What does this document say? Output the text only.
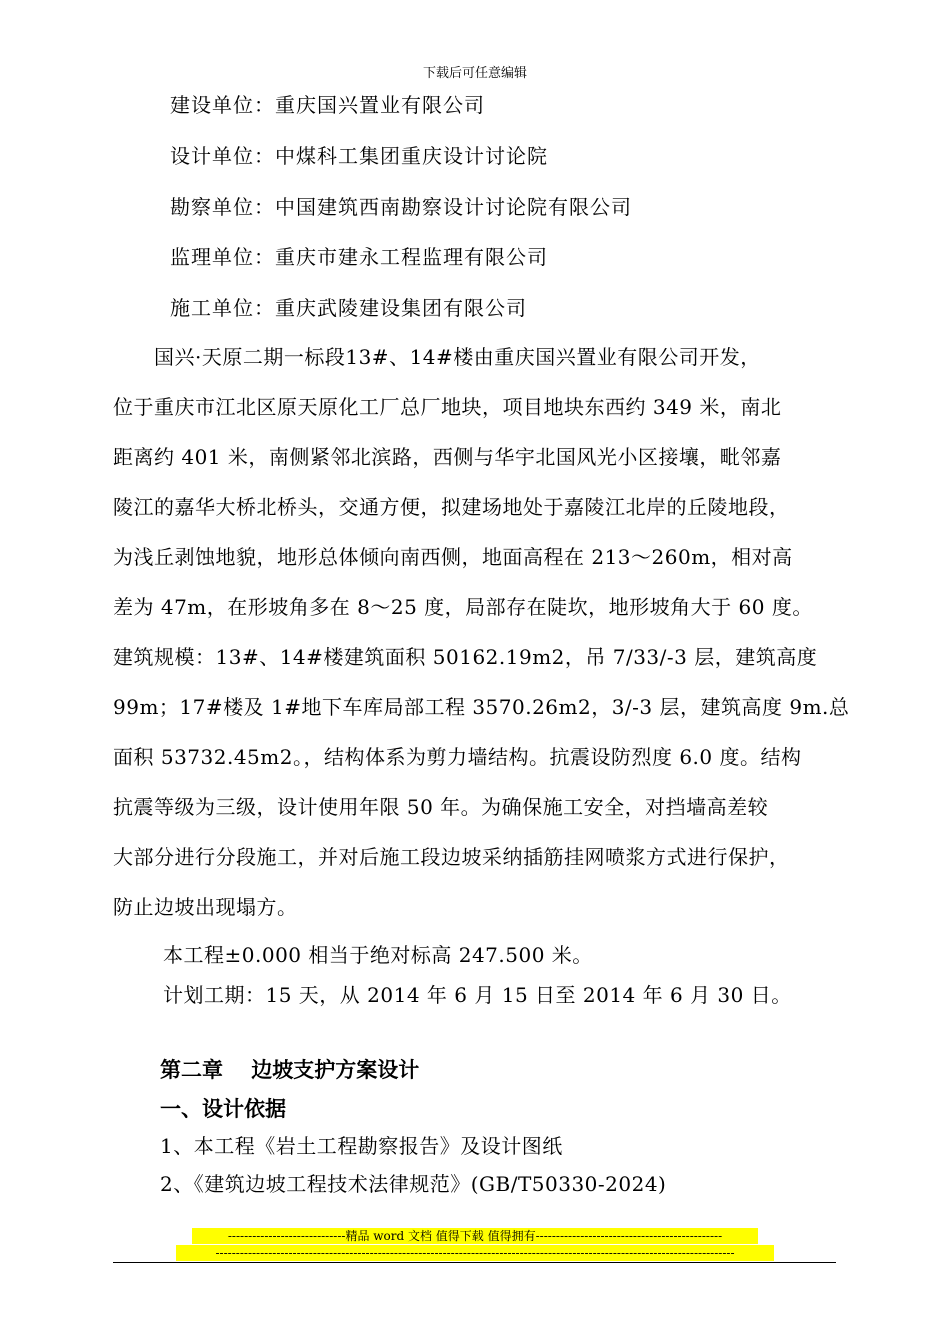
下载后可任意编辑
建设单位：重庆国兴置业有限公司
设计单位：中煤科工集团重庆设计讨论院
勘察单位：中国建筑西南勘察设计讨论院有限公司
监理单位：重庆市建永工程监理有限公司
施工单位：重庆武陵建设集团有限公司
　　国兴·天原二期一标段13#、14#楼由重庆国兴置业有限公司开发，
位于重庆市江北区原天原化工厂总厂地块，项目地块东西约 349 米，南北
距离约 401 米，南侧紧邻北滨路，西侧与华宇北国风光小区接壤，毗邻嘉
陵江的嘉华大桥北桥头，交通方便，拟建场地处于嘉陵江北岸的丘陵地段，
为浅丘剥蚀地貌，地形总体倾向南西侧，地面高程在 213～260m，相对高
差为 47m，在形坡角多在 8～25 度，局部存在陡坎，地形坡角大于 60 度。
建筑规模：13#、14#楼建筑面积 50162.19m2，吊 7/33/-3 层，建筑高度
99m；17#楼及 1#地下车库局部工程 3570.26m2，3/-3 层，建筑高度 9m.总
面积 53732.45m2。，结构体系为剪力墙结构。抗震设防烈度 6.0 度。结构
抗震等级为三级，设计使用年限 50 年。为确保施工安全，对挡墙高差较
大部分进行分段施工，并对后施工段边坡采纳插筋挂网喷浆方式进行保护，
防止边坡出现塌方。
本工程±0.000 相当于绝对标高 247.500 米。
计划工期：15 天，从 2014 年 6 月 15 日至 2014 年 6 月 30 日。
第二章　 边坡支护方案设计
一、设计依据
1、本工程《岩土工程勘察报告》及设计图纸
2、《建筑边坡工程技术法律规范》(GB/T50330-2024)
-----------------------------精品 word 文档 值得下载 值得拥有----------------------------------------------
--------------------------------------------------------------------------------------------------------------------------------
